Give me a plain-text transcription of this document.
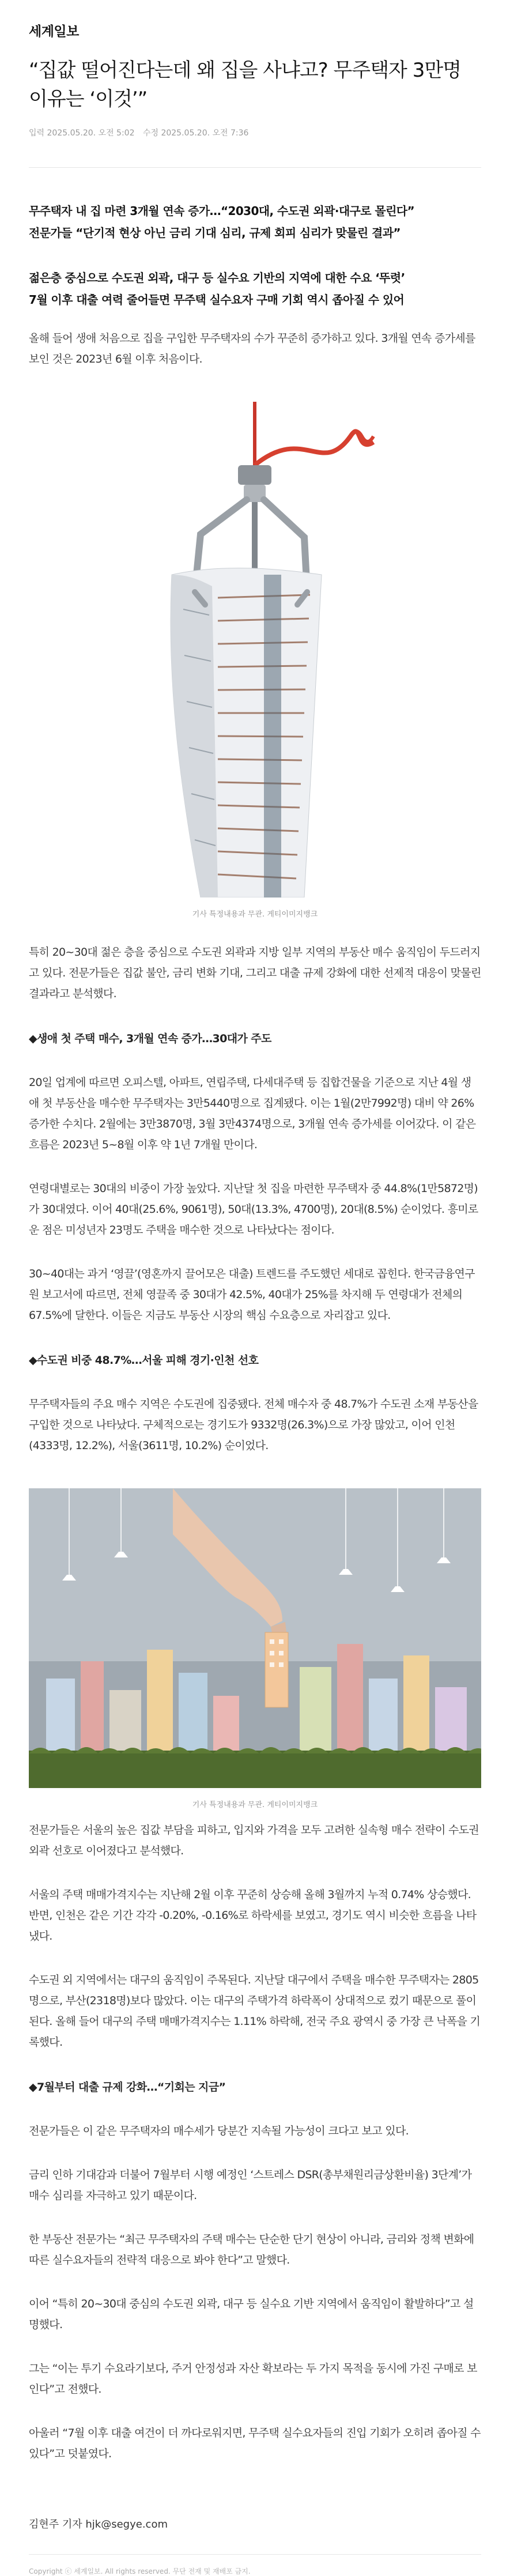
세계일보
“집값 떨어진다는데 왜 집을 사냐고? 무주택자 3만명 이유는 ‘이것’”
입력 2025.05.20. 오전 5:02 수정 2025.05.20. 오전 7:36
무주택자 내 집 마련 3개월 연속 증가…“2030대, 수도권 외곽·대구로 몰린다”
전문가들 “단기적 현상 아닌 금리 기대 심리, 규제 회피 심리가 맞물린 결과”
젊은층 중심으로 수도권 외곽, 대구 등 실수요 기반의 지역에 대한 수요 ‘뚜렷’
7월 이후 대출 여력 줄어들면 무주택 실수요자 구매 기회 역시 좁아질 수 있어

올해 들어 생애 처음으로 집을 구입한 무주택자의 수가 꾸준히 증가하고 있다. 3개월 연속 증가세를 보인 것은 2023년 6월 이후 처음이다.

기사 특정내용과 무관. 게티이미지뱅크

특히 20~30대 젊은 층을 중심으로 수도권 외곽과 지방 일부 지역의 부동산 매수 움직임이 두드러지고 있다. 전문가들은 집값 불안, 금리 변화 기대, 그리고 대출 규제 강화에 대한 선제적 대응이 맞물린 결과라고 분석했다.

◆생애 첫 주택 매수, 3개월 연속 증가…30대가 주도

20일 업계에 따르면 오피스텔, 아파트, 연립주택, 다세대주택 등 집합건물을 기준으로 지난 4월 생애 첫 부동산을 매수한 무주택자는 3만5440명으로 집계됐다. 이는 1월(2만7992명) 대비 약 26% 증가한 수치다. 2월에는 3만3870명, 3월 3만4374명으로, 3개월 연속 증가세를 이어갔다. 이 같은 흐름은 2023년 5~8월 이후 약 1년 7개월 만이다.

연령대별로는 30대의 비중이 가장 높았다. 지난달 첫 집을 마련한 무주택자 중 44.8%(1만5872명)가 30대였다. 이어 40대(25.6%, 9061명), 50대(13.3%, 4700명), 20대(8.5%) 순이었다. 흥미로운 점은 미성년자 23명도 주택을 매수한 것으로 나타났다는 점이다.

30~40대는 과거 ‘영끌’(영혼까지 끌어모은 대출) 트렌드를 주도했던 세대로 꼽힌다. 한국금융연구원 보고서에 따르면, 전체 영끌족 중 30대가 42.5%, 40대가 25%를 차지해 두 연령대가 전체의 67.5%에 달한다. 이들은 지금도 부동산 시장의 핵심 수요층으로 자리잡고 있다.

◆수도권 비중 48.7%…서울 피해 경기·인천 선호

무주택자들의 주요 매수 지역은 수도권에 집중됐다. 전체 매수자 중 48.7%가 수도권 소재 부동산을 구입한 것으로 나타났다. 구체적으로는 경기도가 9332명(26.3%)으로 가장 많았고, 이어 인천(4333명, 12.2%), 서울(3611명, 10.2%) 순이었다.

기사 특정내용과 무관. 게티이미지뱅크

전문가들은 서울의 높은 집값 부담을 피하고, 입지와 가격을 모두 고려한 실속형 매수 전략이 수도권 외곽 선호로 이어졌다고 분석했다.

서울의 주택 매매가격지수는 지난해 2월 이후 꾸준히 상승해 올해 3월까지 누적 0.74% 상승했다. 반면, 인천은 같은 기간 각각 -0.20%, -0.16%로 하락세를 보였고, 경기도 역시 비슷한 흐름을 나타냈다.

수도권 외 지역에서는 대구의 움직임이 주목된다. 지난달 대구에서 주택을 매수한 무주택자는 2805명으로, 부산(2318명)보다 많았다. 이는 대구의 주택가격 하락폭이 상대적으로 컸기 때문으로 풀이된다. 올해 들어 대구의 주택 매매가격지수는 1.11% 하락해, 전국 주요 광역시 중 가장 큰 낙폭을 기록했다.

◆7월부터 대출 규제 강화…“기회는 지금”

전문가들은 이 같은 무주택자의 매수세가 당분간 지속될 가능성이 크다고 보고 있다.

금리 인하 기대감과 더불어 7월부터 시행 예정인 ‘스트레스 DSR(총부채원리금상환비율) 3단계’가 매수 심리를 자극하고 있기 때문이다.

한 부동산 전문가는 “최근 무주택자의 주택 매수는 단순한 단기 현상이 아니라, 금리와 정책 변화에 따른 실수요자들의 전략적 대응으로 봐야 한다”고 말했다.

이어 “특히 20~30대 중심의 수도권 외곽, 대구 등 실수요 기반 지역에서 움직임이 활발하다”고 설명했다.

그는 “이는 투기 수요라기보다, 주거 안정성과 자산 확보라는 두 가지 목적을 동시에 가진 구매로 보인다”고 전했다.

아울러 “7월 이후 대출 여건이 더 까다로워지면, 무주택 실수요자들의 진입 기회가 오히려 좁아질 수 있다”고 덧붙였다.

김현주 기자 hjk@segye.com
Copyright ⓒ 세계일보. All rights reserved. 무단 전재 및 재배포 금지.
